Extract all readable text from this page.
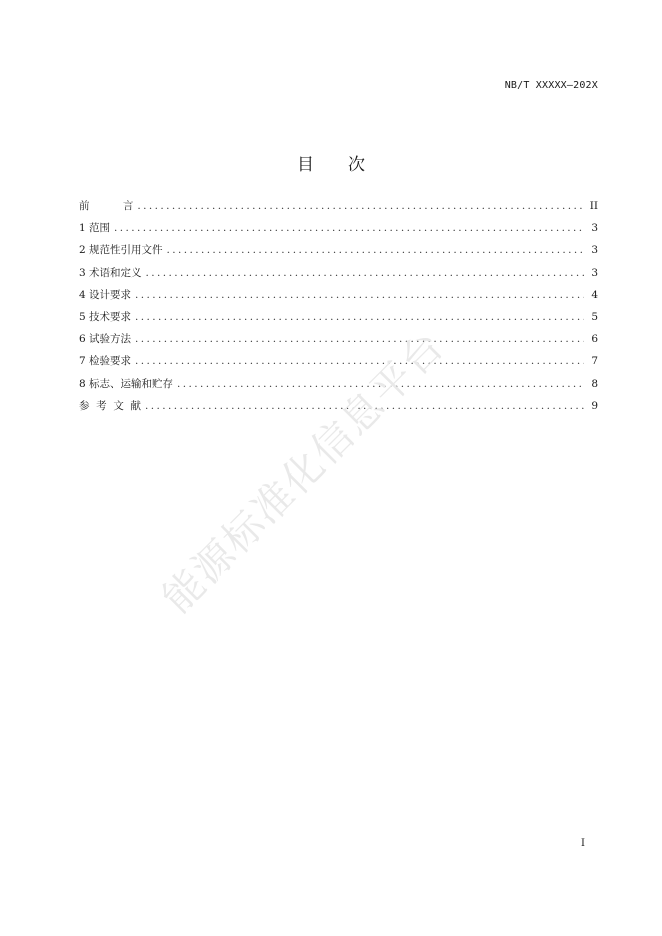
NB/T XXXXX—202X
目 次
前          言 .....	II
1 范围 .....	3
2 规范性引用文件 .....	3
3 术语和定义 .....	3
4 设计要求 .....	4
5 技术要求 .....	5
6 试验方法 .....	6
7 检验要求 .....	7
8 标志、运输和贮存 .....	8
参  考  文  献 .....	9
能源标准化信息平台
I
